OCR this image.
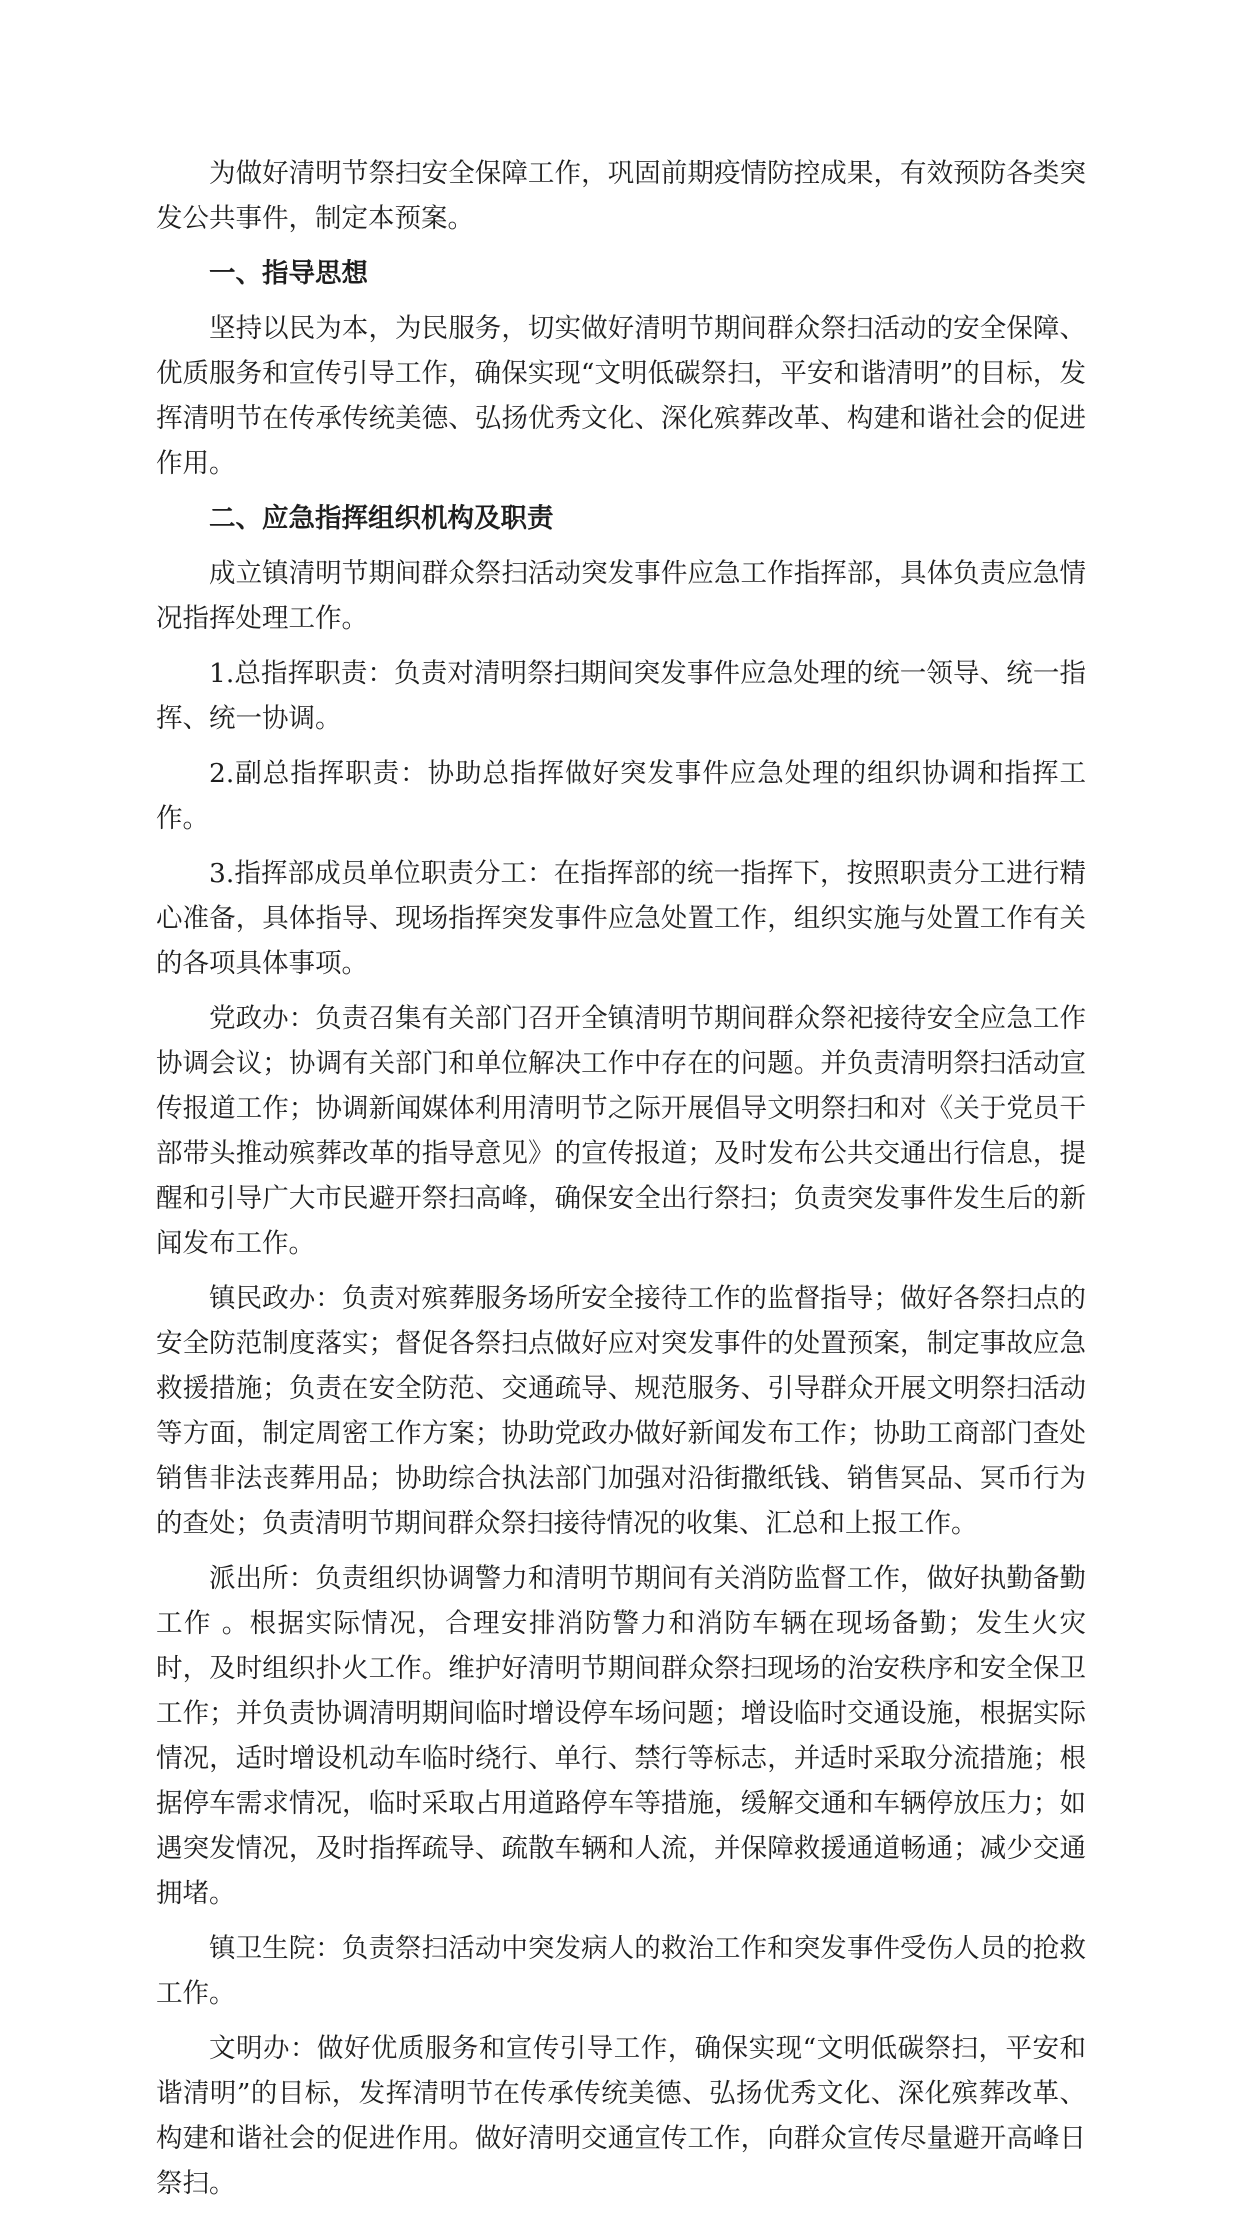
为做好清明节祭扫安全保障工作，巩固前期疫情防控成果，有效预防各类突发公共事件，制定本预案。

一、指导思想

坚持以民为本，为民服务，切实做好清明节期间群众祭扫活动的安全保障、优质服务和宣传引导工作，确保实现“文明低碳祭扫，平安和谐清明”的目标，发挥清明节在传承传统美德、弘扬优秀文化、深化殡葬改革、构建和谐社会的促进作用。

二、应急指挥组织机构及职责

成立镇清明节期间群众祭扫活动突发事件应急工作指挥部，具体负责应急情况指挥处理工作。

1.总指挥职责：负责对清明祭扫期间突发事件应急处理的统一领导、统一指挥、统一协调。

2.副总指挥职责：协助总指挥做好突发事件应急处理的组织协调和指挥工作。

3.指挥部成员单位职责分工：在指挥部的统一指挥下，按照职责分工进行精心准备，具体指导、现场指挥突发事件应急处置工作，组织实施与处置工作有关的各项具体事项。

党政办：负责召集有关部门召开全镇清明节期间群众祭祀接待安全应急工作协调会议；协调有关部门和单位解决工作中存在的问题。并负责清明祭扫活动宣传报道工作；协调新闻媒体利用清明节之际开展倡导文明祭扫和对《关于党员干部带头推动殡葬改革的指导意见》的宣传报道；及时发布公共交通出行信息，提醒和引导广大市民避开祭扫高峰，确保安全出行祭扫；负责突发事件发生后的新闻发布工作。

镇民政办：负责对殡葬服务场所安全接待工作的监督指导；做好各祭扫点的安全防范制度落实；督促各祭扫点做好应对突发事件的处置预案，制定事故应急救援措施；负责在安全防范、交通疏导、规范服务、引导群众开展文明祭扫活动等方面，制定周密工作方案；协助党政办做好新闻发布工作；协助工商部门查处销售非法丧葬用品；协助综合执法部门加强对沿街撒纸钱、销售冥品、冥币行为的查处；负责清明节期间群众祭扫接待情况的收集、汇总和上报工作。

派出所：负责组织协调警力和清明节期间有关消防监督工作，做好执勤备勤工作 。根据实际情况，合理安排消防警力和消防车辆在现场备勤；发生火灾时，及时组织扑火工作。维护好清明节期间群众祭扫现场的治安秩序和安全保卫工作；并负责协调清明期间临时增设停车场问题；增设临时交通设施，根据实际情况，适时增设机动车临时绕行、单行、禁行等标志，并适时采取分流措施；根据停车需求情况，临时采取占用道路停车等措施，缓解交通和车辆停放压力；如遇突发情况，及时指挥疏导、疏散车辆和人流，并保障救援通道畅通；减少交通拥堵。

镇卫生院：负责祭扫活动中突发病人的救治工作和突发事件受伤人员的抢救工作。

文明办：做好优质服务和宣传引导工作，确保实现“文明低碳祭扫，平安和谐清明”的目标，发挥清明节在传承传统美德、弘扬优秀文化、深化殡葬改革、构建和谐社会的促进作用。做好清明交通宣传工作，向群众宣传尽量避开高峰日祭扫。
